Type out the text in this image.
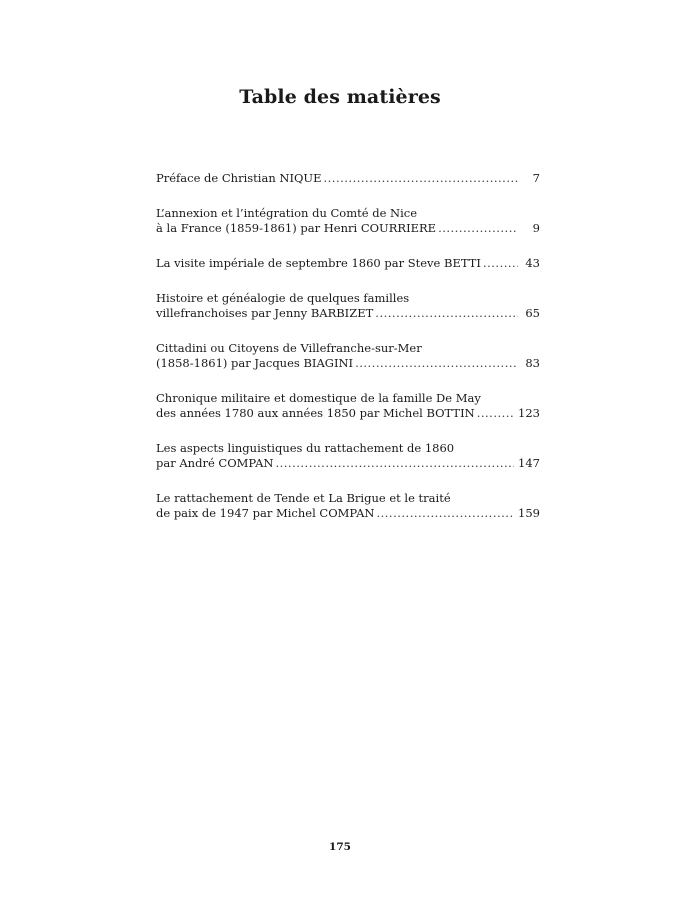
Table des matières
Préface de Christian NIQUE .....	7
L’annexion et l’intégration du Comté de Nice
à la France (1859-1861) par Henri COURRIERE .....	9
La visite impériale de septembre 1860 par Steve BETTI .....	43
Histoire et généalogie de quelques familles
villefranchoises par Jenny BARBIZET .....	65
Cittadini ou Citoyens de Villefranche-sur-Mer
(1858-1861) par Jacques BIAGINI .....	83
Chronique militaire et domestique de la famille De May
des années 1780 aux années 1850 par Michel BOTTIN .....	123
Les aspects linguistiques du rattachement de 1860
par André COMPAN .....	147
Le rattachement de Tende et La Brigue et le traité
de paix de 1947 par Michel COMPAN .....	159
175
